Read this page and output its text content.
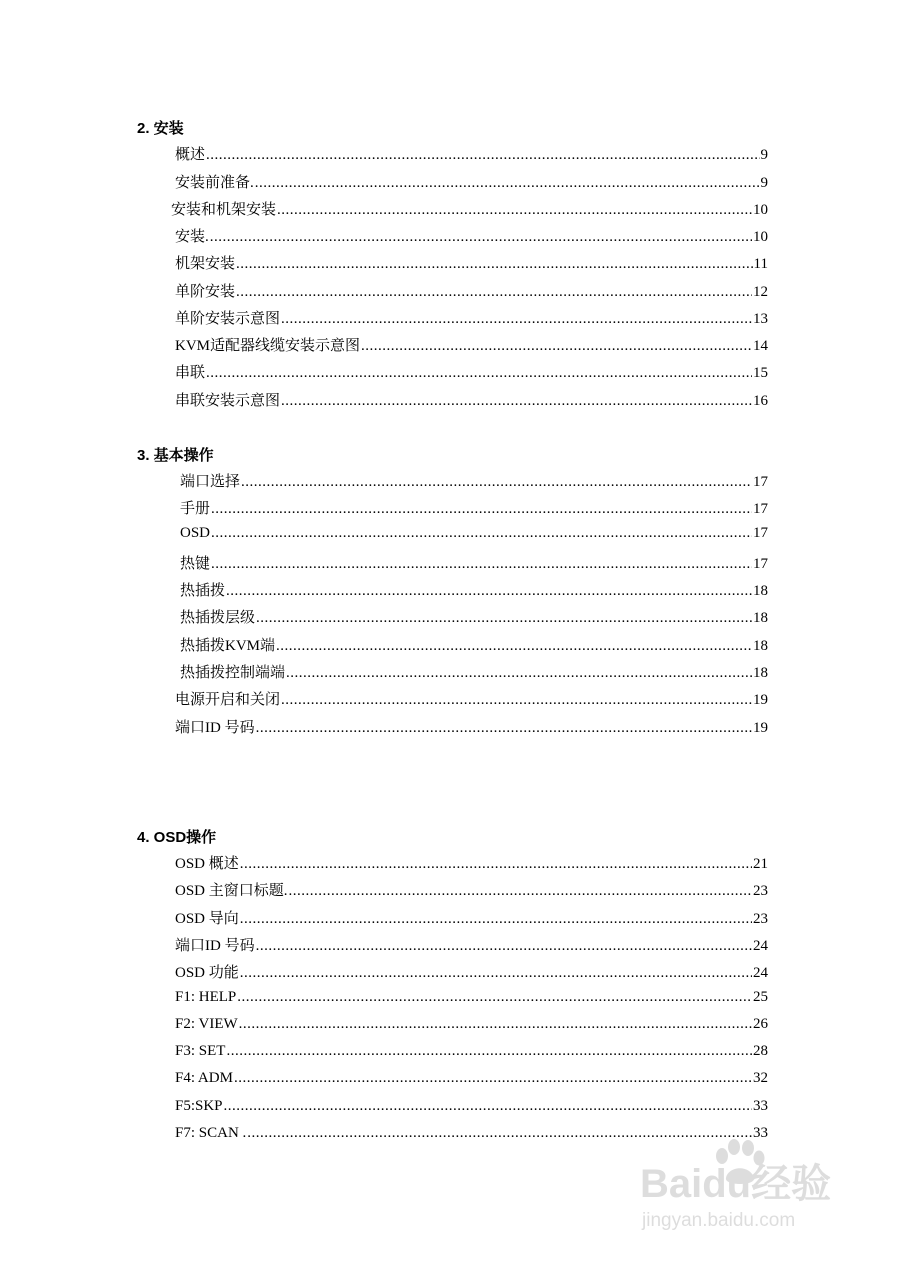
2. 安装
概述 .....	9
安装前准备. .....	9
安装和机架安装 .....	10
安装. .....	10
机架安装 .....	11
单阶安装 .....	12
单阶安装示意图 .....	13
KVM适配器线缆安装示意图 .....	14
串联 .....	15
串联安装示意图 .....	16
3. 基本操作
端口选择 .....	17
手册 .....	17
OSD .....	17
热键 .....	17
热插拨 .....	18
热插拨层级 .....	18
热插拨KVM端 .....	18
热插拨控制端端 .....	18
电源开启和关闭 .....	19
端口ID 号码 .....	19
4. OSD操作
OSD 概述 .....	21
OSD 主窗口标题. .....	23
OSD 导向 .....	23
端口ID 号码 .....	24
OSD 功能 .....	24
F1: HELP .....	25
F2: VIEW .....	26
F3: SET .....	28
F4: ADM .....	32
F5:SKP .....	33
F7: SCAN . .....	33
Baidu经验
jingyan.baidu.com
